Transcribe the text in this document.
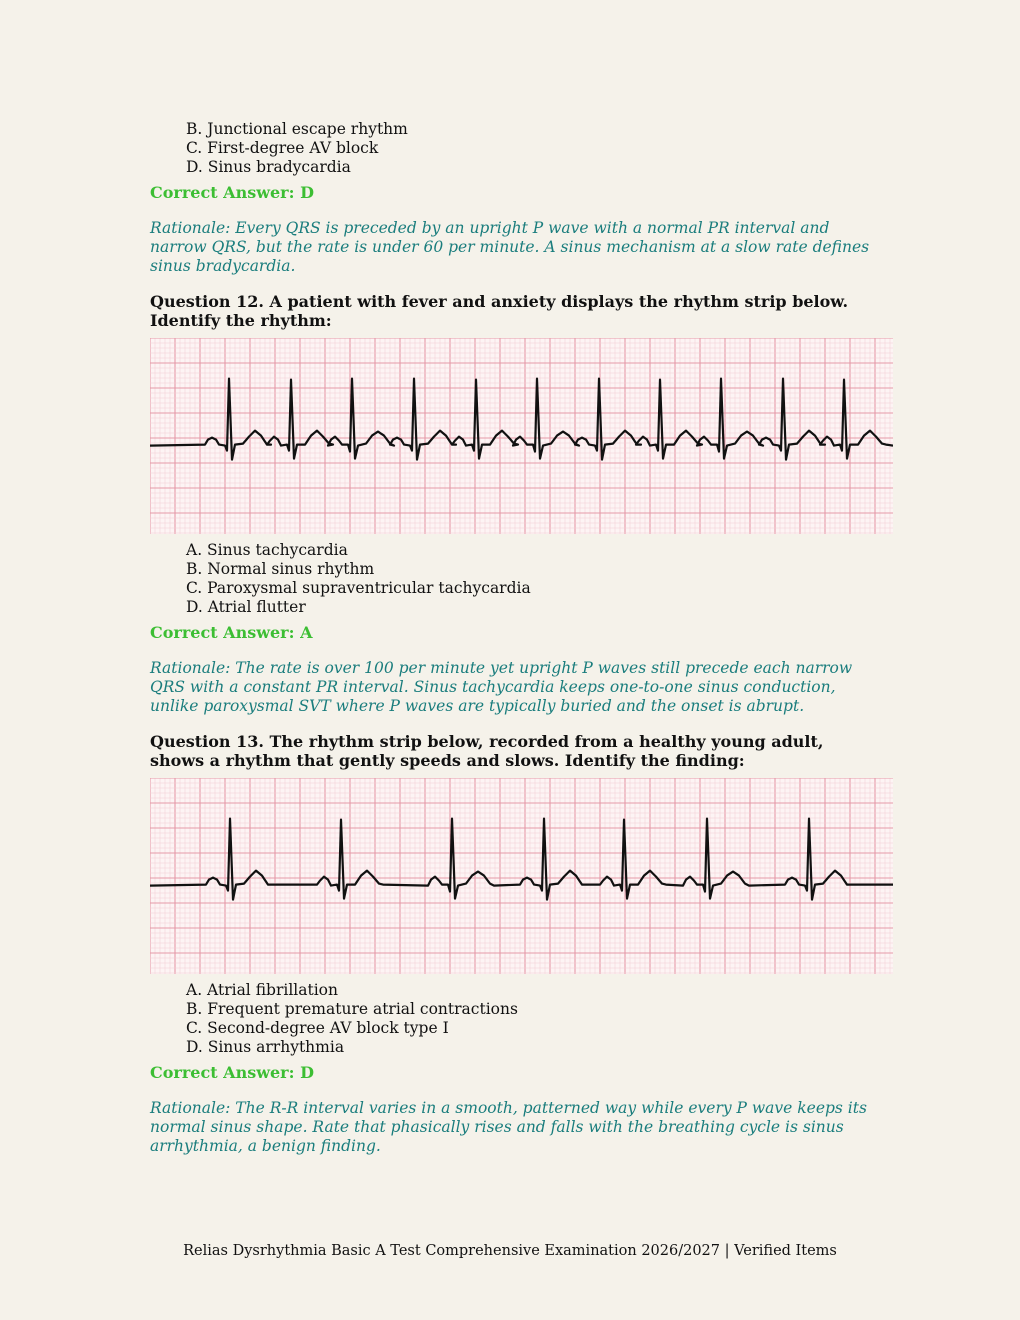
B. Junctional escape rhythm

C. First-degree AV block

D. Sinus bradycardia

Correct Answer: D

Rationale: Every QRS is preceded by an upright P wave with a normal PR interval and narrow QRS, but the rate is under 60 per minute. A sinus mechanism at a slow rate defines sinus bradycardia.

Question 12. A patient with fever and anxiety displays the rhythm strip below. Identify the rhythm:

A. Sinus tachycardia

B. Normal sinus rhythm

C. Paroxysmal supraventricular tachycardia

D. Atrial flutter

Correct Answer: A

Rationale: The rate is over 100 per minute yet upright P waves still precede each narrow QRS with a constant PR interval. Sinus tachycardia keeps one-to-one sinus conduction, unlike paroxysmal SVT where P waves are typically buried and the onset is abrupt.

Question 13. The rhythm strip below, recorded from a healthy young adult, shows a rhythm that gently speeds and slows. Identify the finding:

A. Atrial fibrillation

B. Frequent premature atrial contractions

C. Second-degree AV block type I

D. Sinus arrhythmia

Correct Answer: D

Rationale: The R-R interval varies in a smooth, patterned way while every P wave keeps its normal sinus shape. Rate that phasically rises and falls with the breathing cycle is sinus arrhythmia, a benign finding.

Relias Dysrhythmia Basic A Test Comprehensive Examination 2026/2027 | Verified Items
